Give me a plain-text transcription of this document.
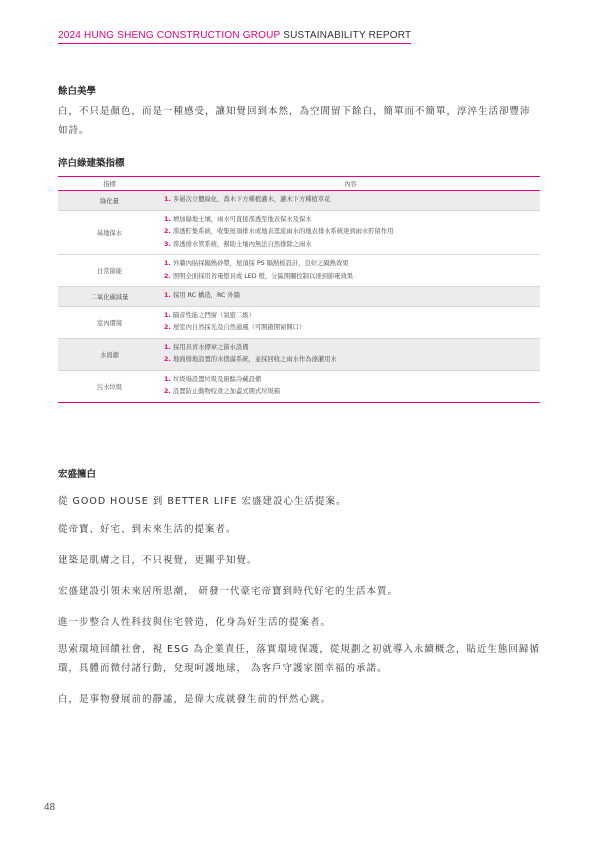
2024 HUNG SHENG CONSTRUCTION GROUP SUSTAINABILITY REPORT
餘白美學
白，不只是顏色，而是一種感受，讓知覺回到本然，為空間留下餘白，簡單而不簡單，淳淬生活卻豐沛如詩。
淬白綠建築指標
指標	內容
綠化量	1. 多層次立體綠化，喬木下方種植灌木，灌木下方種植草花

基地保水	1. 增加綠地土壤，雨水可直接滲透至地表保水及保水
2. 滲透貯集系統，收集屋頂排水或地表逕流雨水的地表排水系統達到雨水貯留作用
3. 滲透排水管系統，幫助土壤內無法自然排除之雨水

日常節能	1. 外牆內貼採隔熱砂漿，屋頂採 PS 隔熱板設計，良好之隔熱效果
2. 照明全面採用省電燈具或 LED 燈，分區開關控制以達到節電效果

二氧化碳減量	1. 採用 RC 構造，RC 外牆

室內環境	1. 隔音性能之門窗（氣密二級）
2. 屋室內自然採光及自然通風（可開啟開窗開口）

水資源	1. 採用具省水標章之節水設備
2. 地面排地設置的水撲滿系統，並採回收之雨水作為澆灌用水

污水垃圾	1. 垃圾場設置垃圾及廚餘冷藏設備
2. 設置防止動物咬食之加蓋式開式垃圾箱
宏盛擁白
從 GOOD HOUSE 到 BETTER LIFE 宏盛建設心生活提案。
從帝寶、好宅、到未來生活的提案者。
建築是肌膚之目，不只視覺，更關乎知覺。
宏盛建設引領未來居所思潮， 研發一代豪宅帝寶到時代好宅的生活本質。
進一步整合人性科技與住宅營造，化身為好生活的提案者。
思索環境回饋社會，視 ESG 為企業責任，落實環境保護，從規劃之初就導入永續概念，貼近生態回歸循環，具體而微付諸行動，兌現呵護地球， 為客戶守護家園幸福的承諾。
白，是事物發展前的靜謐，是偉大成就發生前的怦然心跳。
48
